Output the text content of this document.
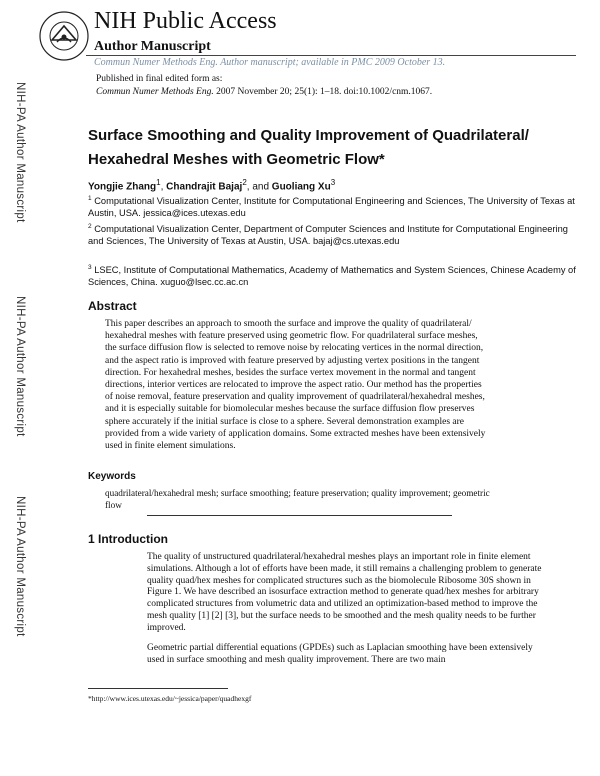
NIH Public Access
Author Manuscript
Commun Numer Methods Eng. Author manuscript; available in PMC 2009 October 13.
Published in final edited form as:
Commun Numer Methods Eng. 2007 November 20; 25(1): 1–18. doi:10.1002/cnm.1067.
NIH-PA Author Manuscript
NIH-PA Author Manuscript
NIH-PA Author Manuscript
Surface Smoothing and Quality Improvement of Quadrilateral/ Hexahedral Meshes with Geometric Flow*
Yongjie Zhang$^1$, Chandrajit Bajaj$^2$, and Guoliang Xu$^3$
$^1$ Computational Visualization Center, Institute for Computational Engineering and Sciences, The University of Texas at Austin, USA. jessica@ices.utexas.edu
$^2$ Computational Visualization Center, Department of Computer Sciences and Institute for Computational Engineering and Sciences, The University of Texas at Austin, USA. bajaj@cs.utexas.edu
$^3$ LSEC, Institute of Computational Mathematics, Academy of Mathematics and System Sciences, Chinese Academy of Sciences, China. xuguo@lsec.cc.ac.cn
Abstract
This paper describes an approach to smooth the surface and improve the quality of quadrilateral/ hexahedral meshes with feature preserved using geometric flow. For quadrilateral surface meshes, the surface diffusion flow is selected to remove noise by relocating vertices in the normal direction, and the aspect ratio is improved with feature preserved by adjusting vertex positions in the tangent direction. For hexahedral meshes, besides the surface vertex movement in the normal and tangent directions, interior vertices are relocated to improve the aspect ratio. Our method has the properties of noise removal, feature preservation and quality improvement of quadrilateral/hexahedral meshes, and it is especially suitable for biomolecular meshes because the surface diffusion flow preserves sphere accurately if the initial surface is close to a sphere. Several demonstration examples are provided from a wide variety of application domains. Some extracted meshes have been extensively used in finite element simulations.
Keywords
quadrilateral/hexahedral mesh; surface smoothing; feature preservation; quality improvement; geometric flow
1 Introduction
The quality of unstructured quadrilateral/hexahedral meshes plays an important role in finite element simulations. Although a lot of efforts have been made, it still remains a challenging problem to generate quality quad/hex meshes for complicated structures such as the biomolecule Ribosome 30S shown in Figure 1. We have described an isosurface extraction method to generate quad/hex meshes for arbitrary complicated structures from volumetric data and utilized an optimization-based method to improve the mesh quality [1] [2] [3], but the surface needs to be smoothed and the mesh quality needs to be further improved.
Geometric partial differential equations (GPDEs) such as Laplacian smoothing have been extensively used in surface smoothing and mesh quality improvement. There are two main
*http://www.ices.utexas.edu/~jessica/paper/quadhexgf
